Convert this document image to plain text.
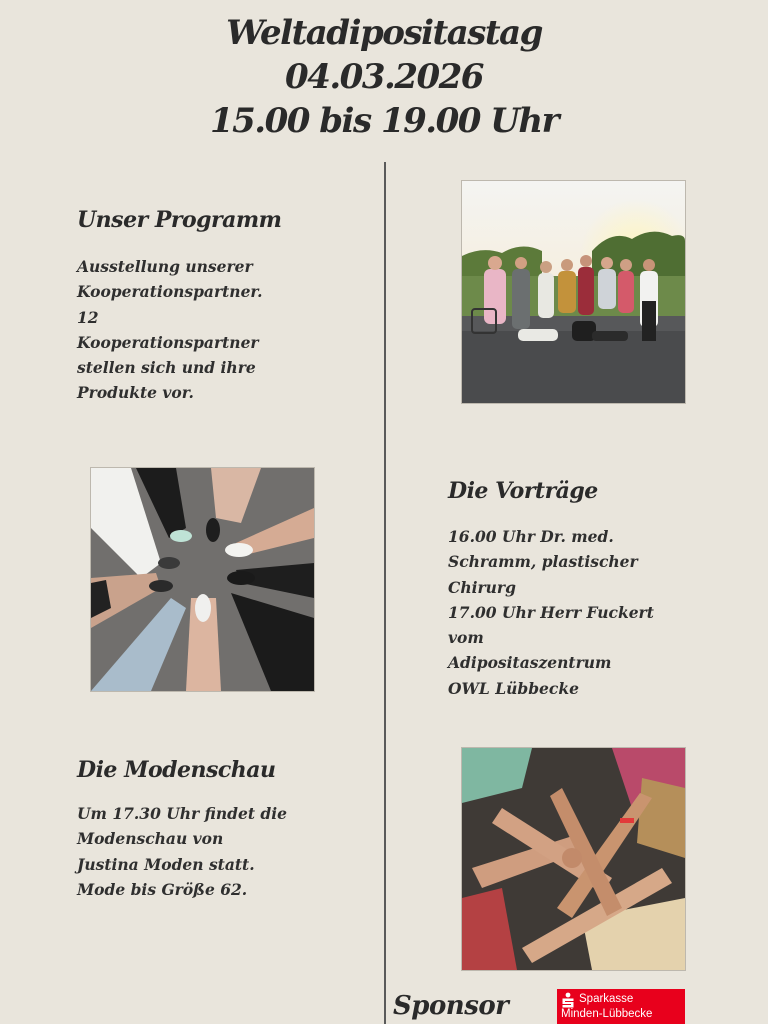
Weltadipositastag
04.03.2026
15.00 bis 19.00 Uhr
Unser Programm
Ausstellung unserer
Kooperationspartner.
12
Kooperationspartner
stellen sich und ihre
Produkte vor.
Die Vorträge
16.00 Uhr Dr. med.
Schramm, plastischer
Chirurg
17.00 Uhr Herr Fuckert
vom
Adipositaszentrum
OWL Lübbecke
Die Modenschau
Um 17.30 Uhr findet die
Modenschau von
Justina Moden statt.
Mode bis Größe 62.
Sponsor	Sparkasse
Minden-Lübbecke
